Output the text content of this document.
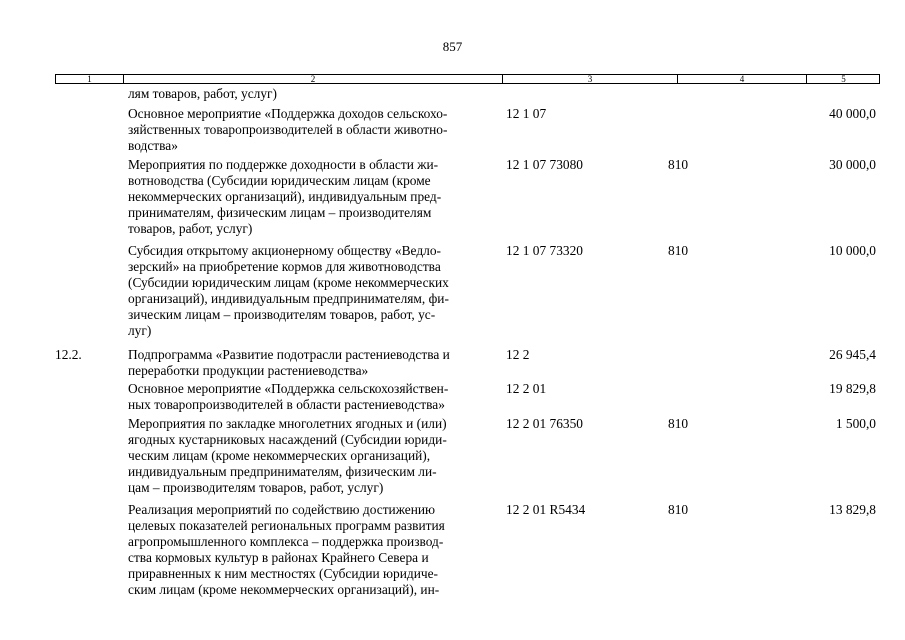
857
1	2	3	4	5
лям товаров, работ, услуг)
Основное мероприятие «Поддержка доходов сельскохо-
зяйственных товаропроизводителей в области животно-
водства»
12 1 07	40 000,0
Мероприятия по поддержке доходности в области жи-
вотноводства (Субсидии юридическим лицам (кроме
некоммерческих организаций), индивидуальным пред-
принимателям, физическим лицам – производителям
товаров, работ, услуг)
12 1 07 73080	810	30 000,0
Субсидия открытому акционерному обществу «Ведло-
зерский» на приобретение кормов для животноводства
(Субсидии юридическим лицам (кроме некоммерческих
организаций), индивидуальным предпринимателям, фи-
зическим лицам – производителям товаров, работ, ус-
луг)
12 1 07 73320	810	10 000,0
12.2.	Подпрограмма «Развитие подотрасли растениеводства и
переработки продукции растениеводства»
12 2	26 945,4
Основное мероприятие «Поддержка сельскохозяйствен-
ных товаропроизводителей в области растениеводства»
12 2 01	19 829,8
Мероприятия по закладке многолетних ягодных и (или)
ягодных кустарниковых насаждений (Субсидии юриди-
ческим лицам (кроме некоммерческих организаций),
индивидуальным предпринимателям, физическим ли-
цам – производителям товаров, работ, услуг)
12 2 01 76350	810	1 500,0
Реализация мероприятий по содействию достижению
целевых показателей региональных программ развития
агропромышленного комплекса – поддержка производ-
ства кормовых культур в районах Крайнего Севера и
приравненных к ним местностях (Субсидии юридиче-
ским лицам (кроме некоммерческих организаций), ин-
12 2 01 R5434	810	13 829,8
